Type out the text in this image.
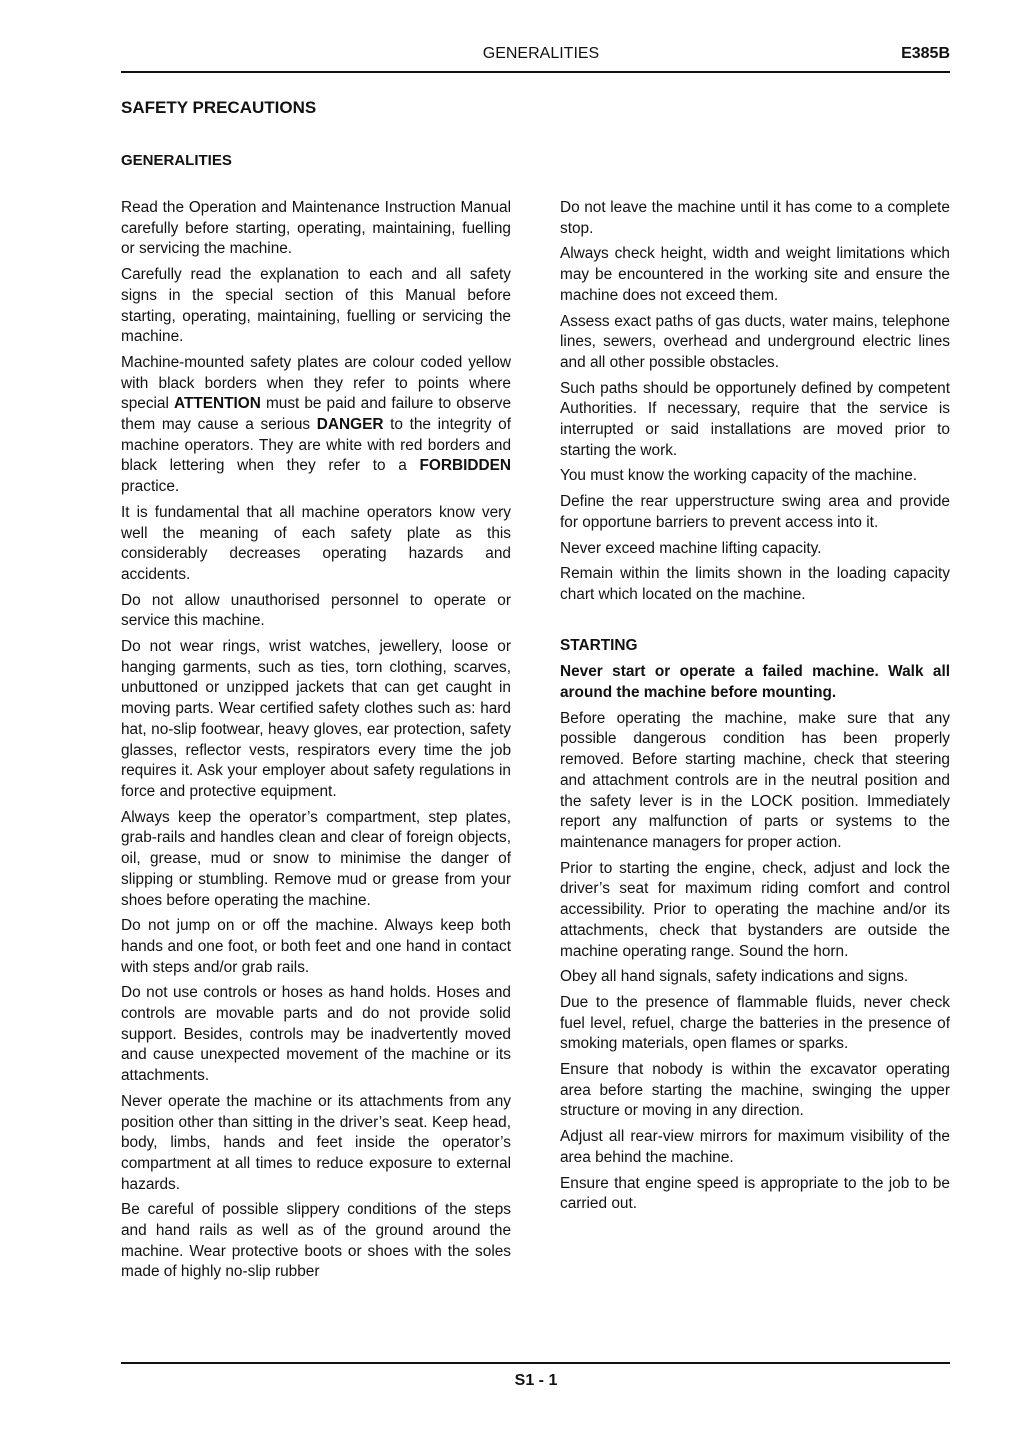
GENERALITIES	E385B
SAFETY PRECAUTIONS
GENERALITIES

Read the Operation and Maintenance Instruction Manual carefully before starting, operating, maintaining, fuelling or servicing the machine.

Carefully read the explanation to each and all safety signs in the special section of this Manual before starting, operating, maintaining, fuelling or servicing the machine.

Machine-mounted safety plates are colour coded yellow with black borders when they refer to points where special ATTENTION must be paid and failure to observe them may cause a serious DANGER to the integrity of machine operators. They are white with red borders and black lettering when they refer to a FORBIDDEN practice.

It is fundamental that all machine operators know very well the meaning of each safety plate as this considerably decreases operating hazards and accidents.

Do not allow unauthorised personnel to operate or service this machine.

Do not wear rings, wrist watches, jewellery, loose or hanging garments, such as ties, torn clothing, scarves, unbuttoned or unzipped jackets that can get caught in moving parts. Wear certified safety clothes such as: hard hat, no-slip footwear, heavy gloves, ear protection, safety glasses, reflector vests, respirators every time the job requires it. Ask your employer about safety regulations in force and protective equipment.

Always keep the operator’s compartment, step plates, grab-rails and handles clean and clear of foreign objects, oil, grease, mud or snow to minimise the danger of slipping or stumbling. Remove mud or grease from your shoes before operating the machine.

Do not jump on or off the machine. Always keep both hands and one foot, or both feet and one hand in contact with steps and/or grab rails.

Do not use controls or hoses as hand holds. Hoses and controls are movable parts and do not provide solid support. Besides, controls may be inadvertently moved and cause unexpected movement of the machine or its attachments.

Never operate the machine or its attachments from any position other than sitting in the driver’s seat. Keep head, body, limbs, hands and feet inside the operator’s compartment at all times to reduce exposure to external hazards.

Be careful of possible slippery conditions of the steps and hand rails as well as of the ground around the machine. Wear protective boots or shoes with the soles made of highly no-slip rubber

Do not leave the machine until it has come to a complete stop.

Always check height, width and weight limitations which may be encountered in the working site and ensure the machine does not exceed them.

Assess exact paths of gas ducts, water mains, telephone lines, sewers, overhead and underground electric lines and all other possible obstacles.

Such paths should be opportunely defined by competent Authorities. If necessary, require that the service is interrupted or said installations are moved prior to starting the work.

You must know the working capacity of the machine.

Define the rear upperstructure swing area and provide for opportune barriers to prevent access into it.

Never exceed machine lifting capacity.

Remain within the limits shown in the loading capacity chart which located on the machine.

STARTING

Never start or operate a failed machine. Walk all around the machine before mounting.

Before operating the machine, make sure that any possible dangerous condition has been properly removed. Before starting machine, check that steering and attachment controls are in the neutral position and the safety lever is in the LOCK position. Immediately report any malfunction of parts or systems to the maintenance managers for proper action.

Prior to starting the engine, check, adjust and lock the driver’s seat for maximum riding comfort and control accessibility. Prior to operating the machine and/or its attachments, check that bystanders are outside the machine operating range. Sound the horn.

Obey all hand signals, safety indications and signs.

Due to the presence of flammable fluids, never check fuel level, refuel, charge the batteries in the presence of smoking materials, open flames or sparks.

Ensure that nobody is within the excavator operating area before starting the machine, swinging the upper structure or moving in any direction.

Adjust all rear-view mirrors for maximum visibility of the area behind the machine.

Ensure that engine speed is appropriate to the job to be carried out.

S1 - 1
